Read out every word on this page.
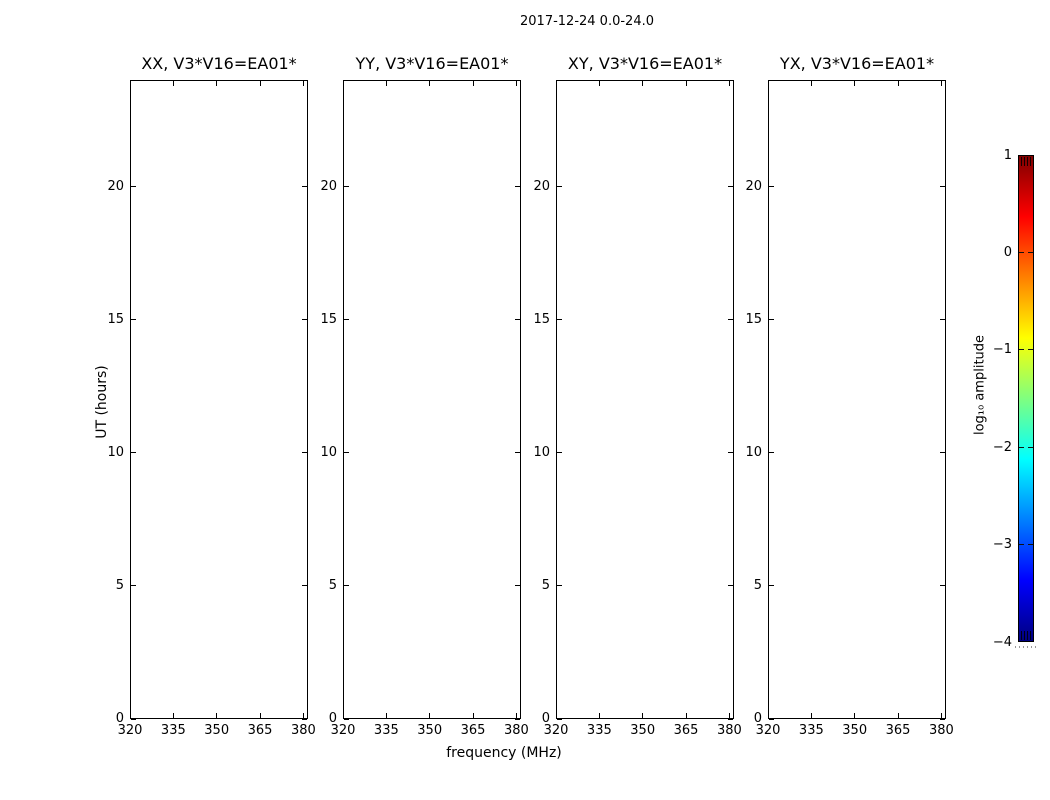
2017-12-24 0.0-24.0
XX, V3*V16=EA01*
320 335 350 365 380
0
5
10
15
20
YY, V3*V16=EA01*
320 335 350 365 380
0
5
10
15
20
XY, V3*V16=EA01*
320 335 350 365 380
0
5
10
15
20
YX, V3*V16=EA01*
320 335 350 365 380
0
5
10
15
20
UT (hours)
frequency (MHz)
1
0
−1
−2
−3
−4
log₁₀ amplitude
